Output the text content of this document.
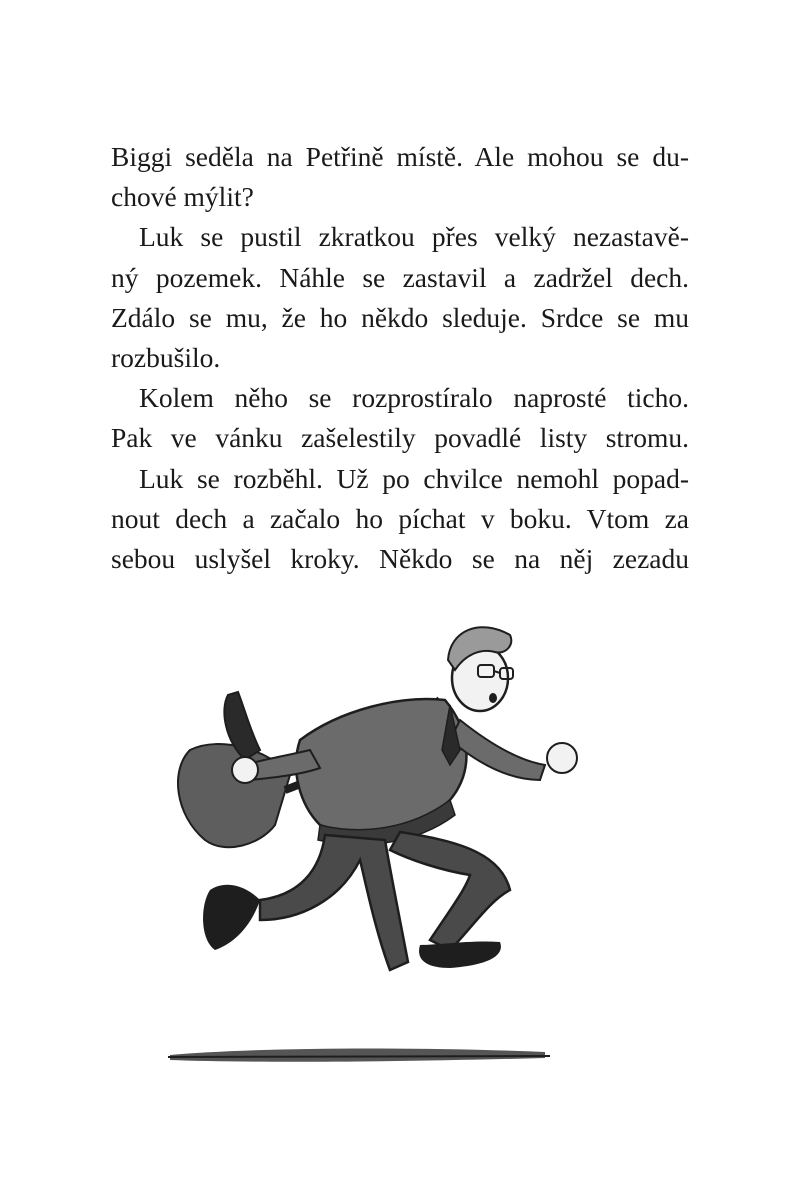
Biggi seděla na Petřině místě. Ale mohou se du-
chové mýlit?
Luk se pustil zkratkou přes velký nezastavě-
ný pozemek. Náhle se zastavil a zadržel dech.
Zdálo se mu, že ho někdo sleduje. Srdce se mu
rozbušilo.
Kolem něho se rozprostíralo naprosté ticho.
Pak ve vánku zašelestily povadlé listy stromu.
Luk se rozběhl. Už po chvilce nemohl popad-
nout dech a začalo ho píchat v boku. Vtom za
sebou uslyšel kroky. Někdo se na něj zezadu
